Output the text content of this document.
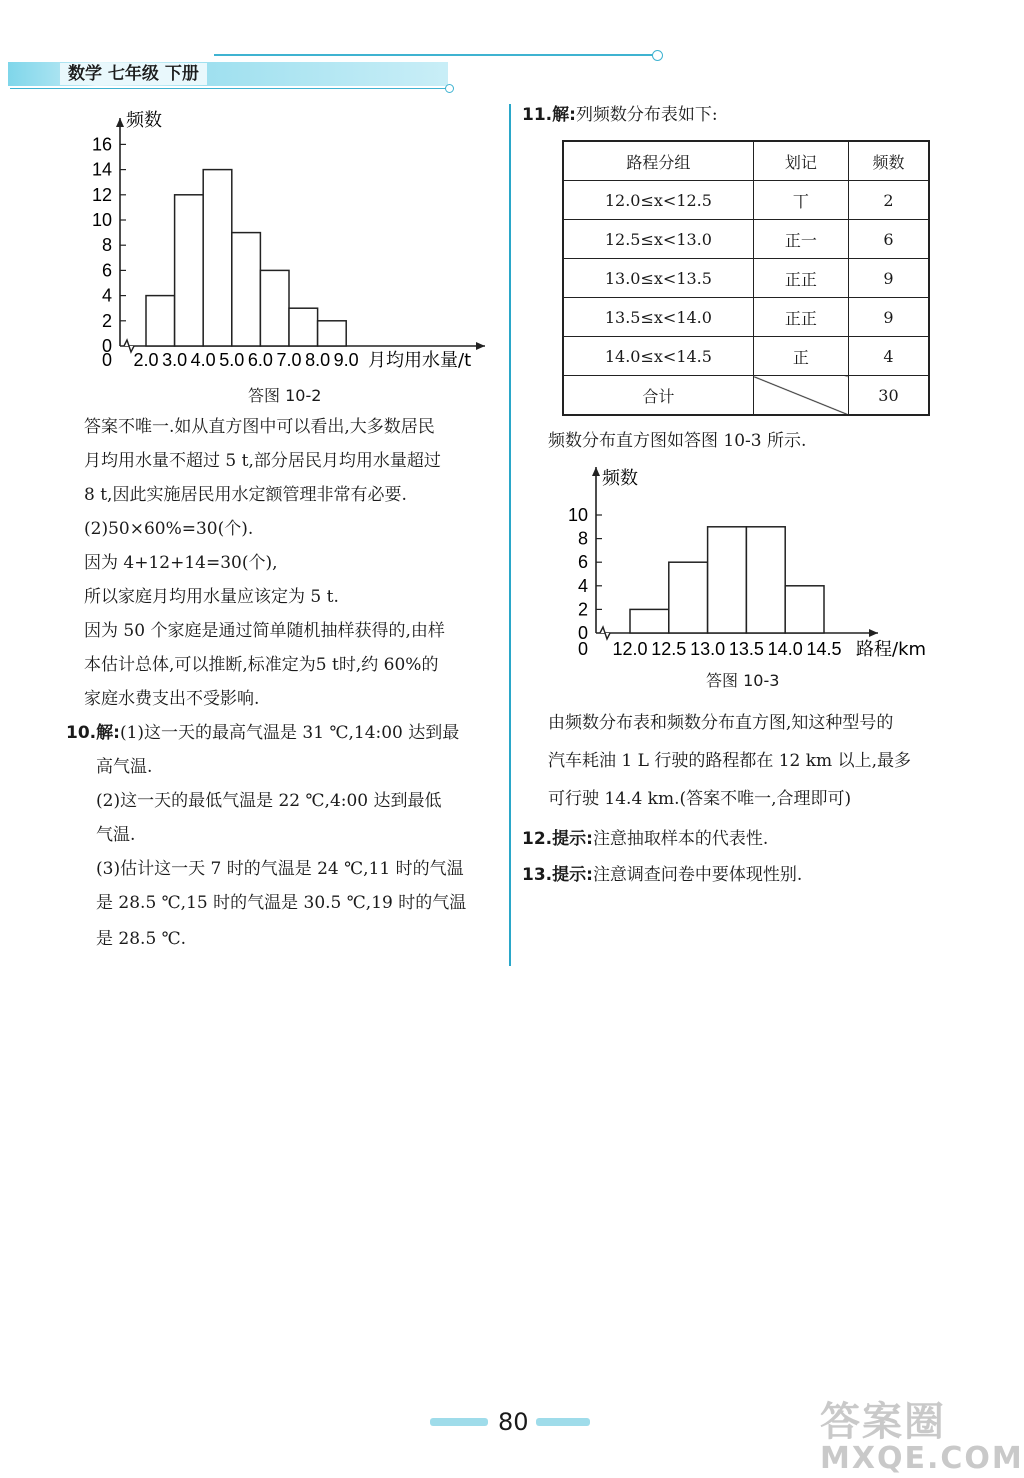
数学 七年级 下册
0
2
4
6
8
10
12
14
16
2.0 3.0 4.0 5.0 6.0 7.0 8.0 9.0
频数
月均用水量/t
0
答图 10-2
答案不唯一.如从直方图中可以看出,大多数居民
月均用水量不超过 5 t,部分居民月均用水量超过
8 t,因此实施居民用水定额管理非常有必要.
(2)50×60%=30(个).
因为 4+12+14=30(个),
所以家庭月均用水量应该定为 5 t.
因为 50 个家庭是通过简单随机抽样获得的,由样
本估计总体,可以推断,标准定为5 t时,约 60%的
家庭水费支出不受影响.
10.解:(1)这一天的最高气温是 31 ℃,14:00 达到最
高气温.
(2)这一天的最低气温是 22 ℃,4:00 达到最低
气温.
(3)估计这一天 7 时的气温是 24 ℃,11 时的气温
是 28.5 ℃,15 时的气温是 30.5 ℃,19 时的气温
是 28.5 ℃.
11.解:列频数分布表如下:
路程分组	划记	频数
12.0≤x<12.5	丅	2
12.5≤x<13.0	正一	6
13.0≤x<13.5	正正	9
13.5≤x<14.0	正正	9
14.0≤x<14.5	正	4
合计		30
频数分布直方图如答图 10-3 所示.
0
2
4
6
8
10
12.0 12.5 13.0 13.5 14.0 14.5
频数
路程/km
0
答图 10-3
由频数分布表和频数分布直方图,知这种型号的
汽车耗油 1 L 行驶的路程都在 12 km 以上,最多
可行驶 14.4 km.(答案不唯一,合理即可)
12.提示:注意抽取样本的代表性.
13.提示:注意调查问卷中要体现性别.
80	答案圈
MXQE.COM
